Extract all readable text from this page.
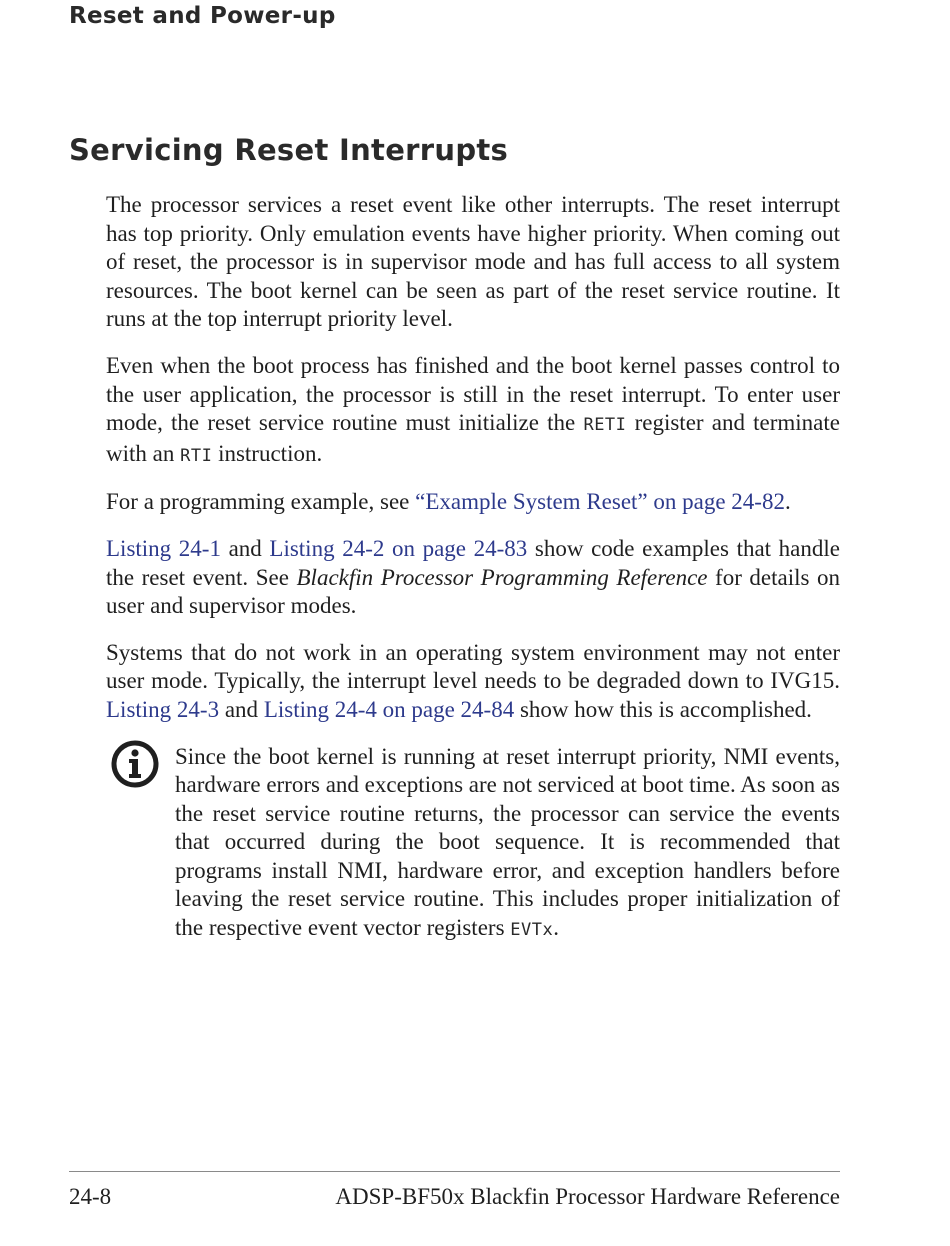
Reset and Power-up
Servicing Reset Interrupts

The processor services a reset event like other interrupts. The reset interrupt has top priority. Only emulation events have higher priority. When coming out of reset, the processor is in supervisor mode and has full access to all system resources. The boot kernel can be seen as part of the reset service routine. It runs at the top interrupt priority level.

Even when the boot process has finished and the boot kernel passes control to the user application, the processor is still in the reset interrupt. To enter user mode, the reset service routine must initialize the RETI register and terminate with an RTI instruction.

For a programming example, see “Example System Reset” on page 24-82.

Listing 24-1 and Listing 24-2 on page 24-83 show code examples that handle the reset event. See Blackfin Processor Programming Reference for details on user and supervisor modes.

Systems that do not work in an operating system environment may not enter user mode. Typically, the interrupt level needs to be degraded down to IVG15. Listing 24-3 and Listing 24-4 on page 24-84 show how this is accomplished.

Since the boot kernel is running at reset interrupt priority, NMI events, hardware errors and exceptions are not serviced at boot time. As soon as the reset service routine returns, the processor can service the events that occurred during the boot sequence. It is recommended that programs install NMI, hardware error, and exception handlers before leaving the reset service routine. This includes proper initialization of the respective event vector registers EVTx.
24-8	ADSP-BF50x Blackfin Processor Hardware Reference
